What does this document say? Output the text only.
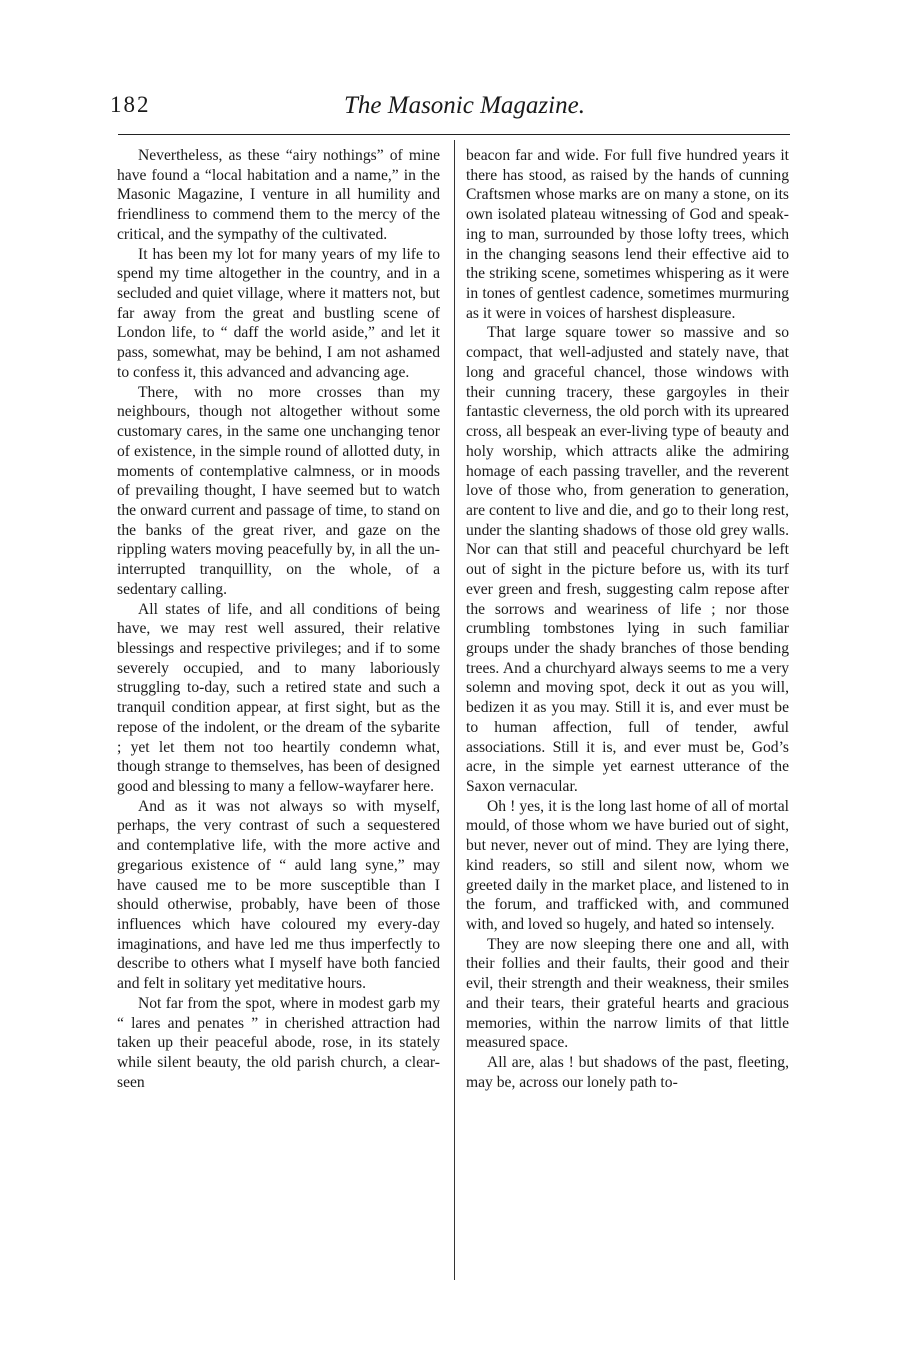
182	The Masonic Magazine.

Nevertheless, as these “airy nothings” of mine have found a “local habitation and a name,” in the Masonic Magazine, I venture in all humility and friendliness to commend them to the mercy of the critical, and the sympathy of the cultivated.

It has been my lot for many years of my life to spend my time altogether in the country, and in a secluded and quiet village, where it matters not, but far away from the great and bustling scene of London life, to “ daff the world aside,” and let it pass, somewhat, may be behind, I am not ashamed to confess it, this advanced and advancing age.

There, with no more crosses than my neighbours, though not altogether without some customary cares, in the same one unchanging tenor of existence, in the simple round of allotted duty, in moments of contemplative calmness, or in moods of prevailing thought, I have seemed but to watch the onward current and passage of time, to stand on the banks of the great river, and gaze on the rippling waters moving peacefully by, in all the uninterrupted tranquillity, on the whole, of a sedentary calling.

All states of life, and all conditions of being have, we may rest well assured, their relative blessings and respective privileges; and if to some severely occupied, and to many laboriously struggling to-day, such a retired state and such a tranquil condition appear, at first sight, but as the repose of the indolent, or the dream of the sybarite ; yet let them not too heartily condemn what, though strange to themselves, has been of designed good and blessing to many a fellow-wayfarer here.

And as it was not always so with myself, perhaps, the very contrast of such a sequestered and contemplative life, with the more active and gregarious existence of “ auld lang syne,” may have caused me to be more susceptible than I should otherwise, probably, have been of those influences which have coloured my every-day imaginations, and have led me thus imperfectly to describe to others what I myself have both fancied and felt in solitary yet meditative hours.

Not far from the spot, where in modest garb my “ lares and penates ” in cherished attraction had taken up their peaceful abode, rose, in its stately while silent beauty, the old parish church, a clear-seen

beacon far and wide. For full five hundred years it there has stood, as raised by the hands of cunning Craftsmen whose marks are on many a stone, on its own isolated plateau witnessing of God and speaking to man, surrounded by those lofty trees, which in the changing seasons lend their effective aid to the striking scene, sometimes whispering as it were in tones of gentlest cadence, sometimes murmuring as it were in voices of harshest displeasure.

That large square tower so massive and so compact, that well-adjusted and stately nave, that long and graceful chancel, those windows with their cunning tracery, these gargoyles in their fantastic cleverness, the old porch with its upreared cross, all bespeak an ever-living type of beauty and holy worship, which attracts alike the admiring homage of each passing traveller, and the reverent love of those who, from generation to generation, are content to live and die, and go to their long rest, under the slanting shadows of those old grey walls. Nor can that still and peaceful churchyard be left out of sight in the picture before us, with its turf ever green and fresh, suggesting calm repose after the sorrows and weariness of life ; nor those crumbling tombstones lying in such familiar groups under the shady branches of those bending trees. And a churchyard always seems to me a very solemn and moving spot, deck it out as you will, bedizen it as you may. Still it is, and ever must be to human affection, full of tender, awful associations. Still it is, and ever must be, God’s acre, in the simple yet earnest utterance of the Saxon vernacular.

Oh ! yes, it is the long last home of all of mortal mould, of those whom we have buried out of sight, but never, never out of mind. They are lying there, kind readers, so still and silent now, whom we greeted daily in the market place, and listened to in the forum, and trafficked with, and communed with, and loved so hugely, and hated so intensely.

They are now sleeping there one and all, with their follies and their faults, their good and their evil, their strength and their weakness, their smiles and their tears, their grateful hearts and gracious memories, within the narrow limits of that little measured space.

All are, alas ! but shadows of the past, fleeting, may be, across our lonely path to-
